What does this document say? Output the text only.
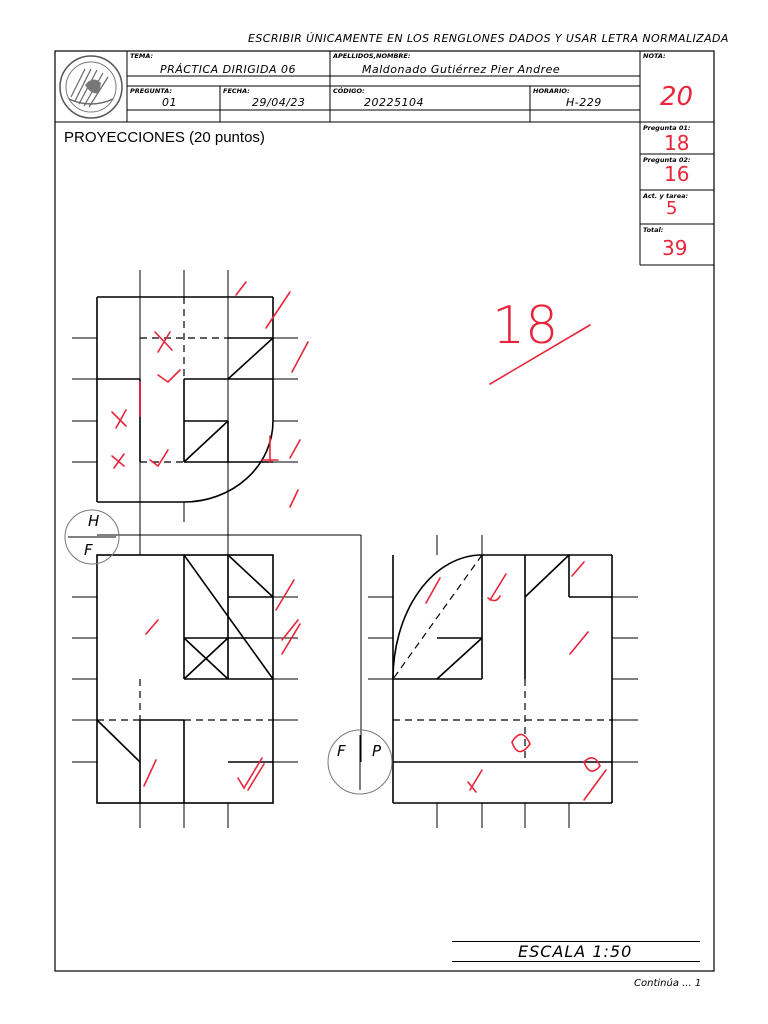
ESCRIBIR ÚNICAMENTE EN LOS RENGLONES DADOS Y USAR LETRA NORMALIZADA
TEMA:
PRÁCTICA DIRIGIDA 06
APELLIDOS,NOMBRE:
Maldonado Gutiérrez Pier Andree
NOTA:
PREGUNTA:
01
FECHA:
29/04/23
CÓDIGO:
20225104
HORARIO:
H-229 20
Pregunta 01:
18
Pregunta 02:
16
Act. y tarea:
5
Total:
39
PROYECCIONES (20 puntos)
18
H
F
F P
ESCALA 1:50
Continúa ... 1
